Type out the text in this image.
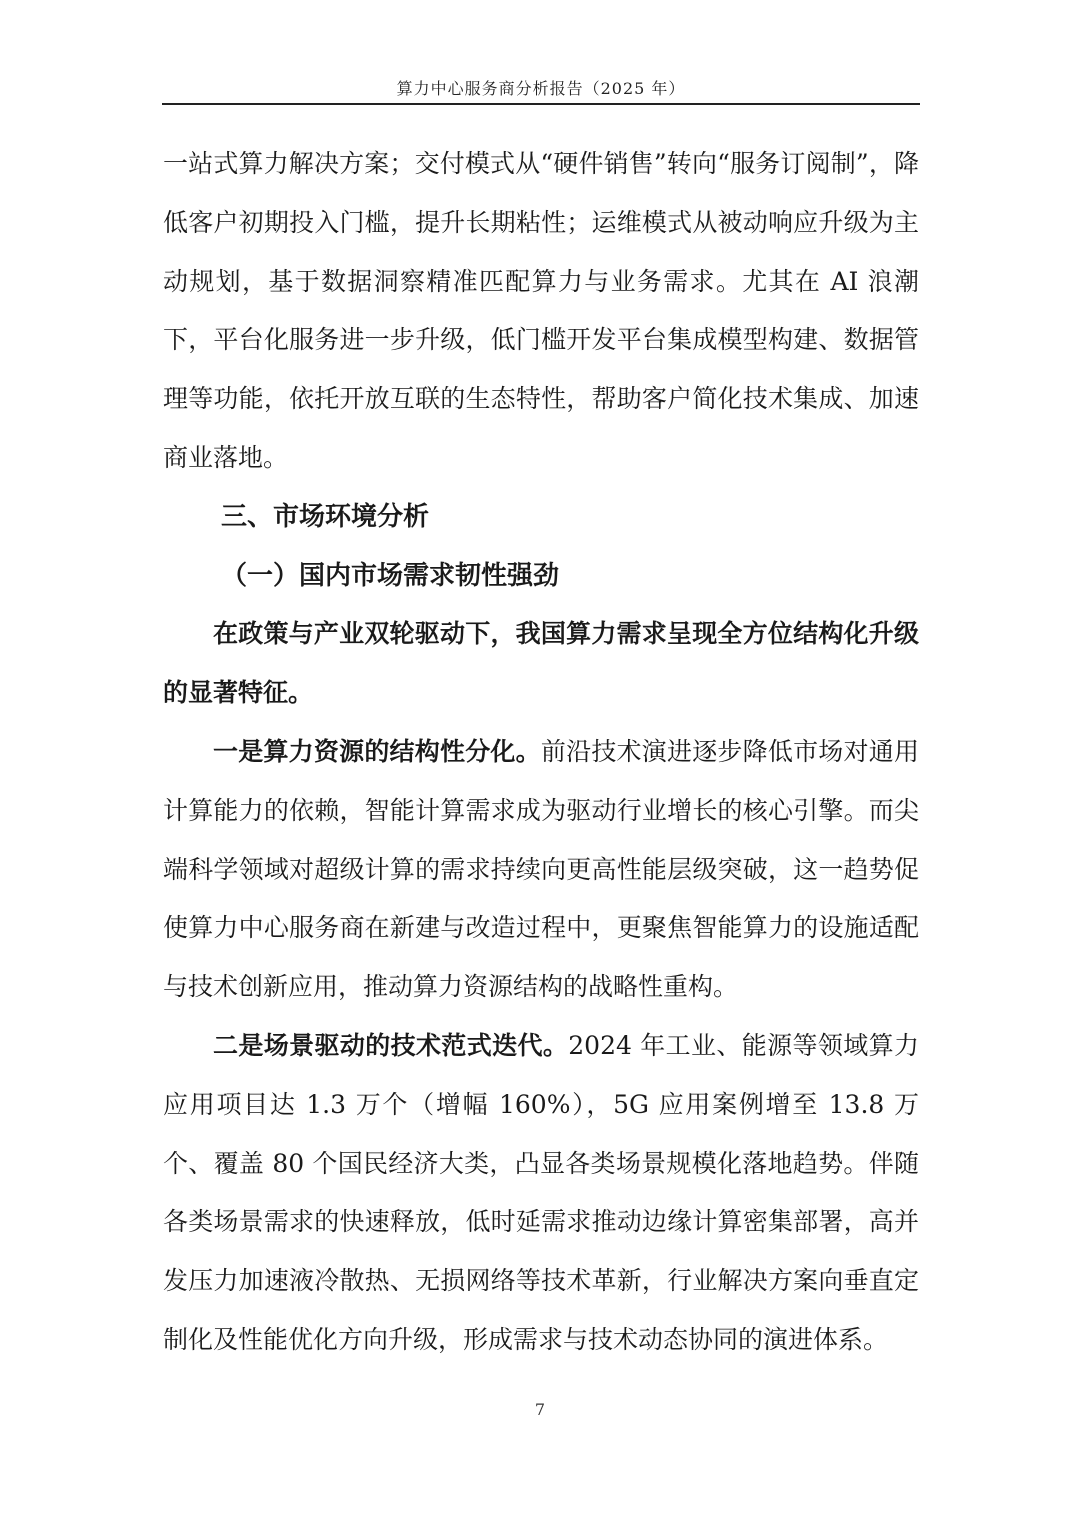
算力中心服务商分析报告（2025 年）

一站式算力解决方案；交付模式从“硬件销售”转向“服务订阅制”，降低客户初期投入门槛，提升长期粘性；运维模式从被动响应升级为主动规划，基于数据洞察精准匹配算力与业务需求。尤其在 AI 浪潮下，平台化服务进一步升级，低门槛开发平台集成模型构建、数据管理等功能，依托开放互联的生态特性，帮助客户简化技术集成、加速商业落地。

三、市场环境分析

（一）国内市场需求韧性强劲

在政策与产业双轮驱动下，我国算力需求呈现全方位结构化升级的显著特征。

一是算力资源的结构性分化。前沿技术演进逐步降低市场对通用计算能力的依赖，智能计算需求成为驱动行业增长的核心引擎。而尖端科学领域对超级计算的需求持续向更高性能层级突破，这一趋势促使算力中心服务商在新建与改造过程中，更聚焦智能算力的设施适配与技术创新应用，推动算力资源结构的战略性重构。

二是场景驱动的技术范式迭代。2024 年工业、能源等领域算力应用项目达 1.3 万个（增幅 160%），5G 应用案例增至 13.8 万个、覆盖 80 个国民经济大类，凸显各类场景规模化落地趋势。伴随各类场景需求的快速释放，低时延需求推动边缘计算密集部署，高并发压力加速液冷散热、无损网络等技术革新，行业解决方案向垂直定制化及性能优化方向升级，形成需求与技术动态协同的演进体系。

7
